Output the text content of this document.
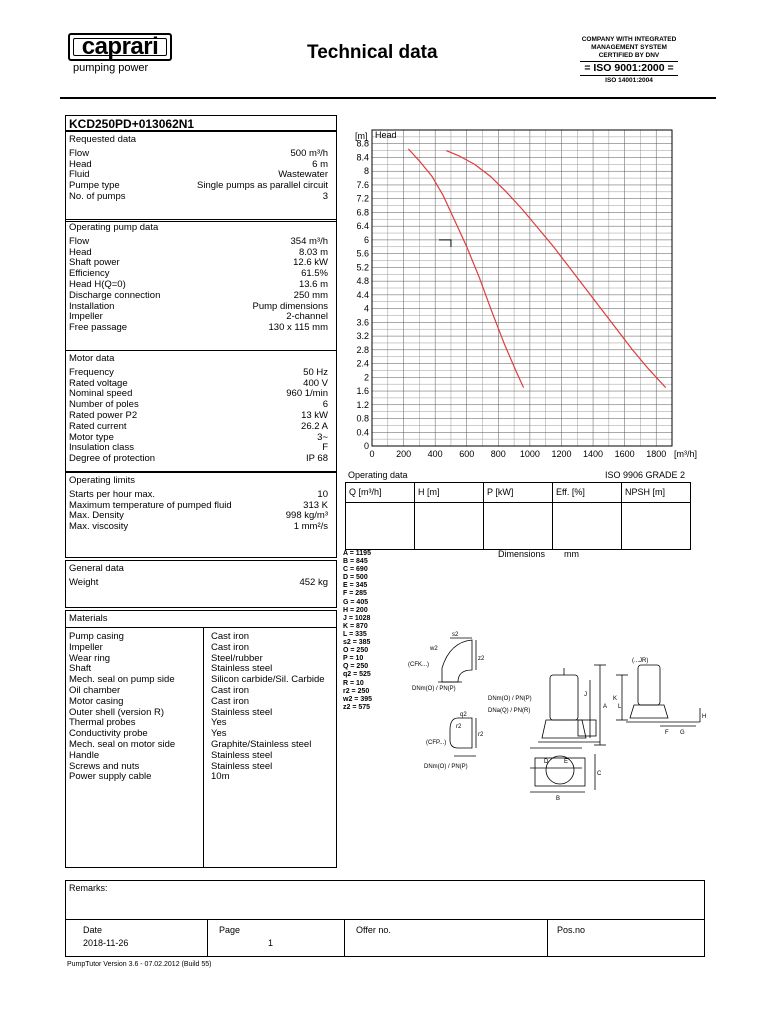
caprari
pumping power
Technical data
COMPANY WITH INTEGRATED
MANAGEMENT SYSTEM CERTIFIED BY DNV
= ISO 9001:2000 =
ISO 14001:2004
KCD250PD+013062N1
Requested data
Flow	500 m³/h
Head	6 m
Fluid	Wastewater
Pumpe type	Single pumps as parallel circuit
No. of pumps	3
Operating pump data
Flow	354 m³/h
Head	8.03 m
Shaft power	12.6 kW
Efficiency	61.5%
Head H(Q=0)	13.6 m
Discharge connection	250 mm
Installation	Pump dimensions
Impeller	2-channel
Free passage	130 x 115 mm
Motor data
Frequency	50 Hz
Rated voltage	400 V
Nominal speed	960 1/min
Number of poles	6
Rated power P2	13 kW
Rated current	26.2 A
Motor type	3~
Insulation class	F
Degree of protection	IP 68
Operating limits
Starts per hour max.	10
Maximum temperature of pumped fluid	313 K
Max. Density	998 kg/m³
Max. viscosity	1 mm²/s
General data
Weight	452 kg
Materials
Pump casing	Cast iron
Impeller	Cast iron
Wear ring	Steel/rubber
Shaft	Stainless steel
Mech. seal on pump side	Silicon carbide/Sil. Carbide
Oil chamber	Cast iron
Motor casing	Cast iron
Outer shell (version R)	Stainless steel
Thermal probes	Yes
Conductivity probe	Yes
Mech. seal on motor side	Graphite/Stainless steel
Handle	Stainless steel
Screws and nuts	Stainless steel
Power supply cable	10m
0
0.4
0.8
1.2
1.6
2
2.4
2.8
3.2
3.6
4
4.4
4.8
5.2
5.6
6
6.4
6.8
7.2
7.6
8
8.4
8.8
0 200 400 600 800 1000 1200 1400 1600 1800
[m]
[m³/h]
Head
Operating data	ISO 9906 GRADE 2
Q [m³/h]	H [m]	P [kW]	Eff. [%]	NPSH [m]
Dimensions mm
A = 1195
B = 845
C = 690
D = 500
E = 345
F = 285
G = 405
H = 200
J = 1028
K = 870
L = 335
s2 = 385
O = 250
P = 10
Q = 250
q2 = 525
R = 10
r2 = 250
w2 = 395
z2 = 575
(CFK...)
DNm(O) / PN(P)
w2
s2
z2
q2
r2
r2
(CFP...)
DNm(O) / PN(P)
DNm(O) / PN(P)
DNa(Q) / PN(R)
(...JR)
A
J
K
L
D	E
F G
H
B
C
Remarks:
Date
2018-11-26
Page
1
Offer no.	Pos.no
PumpTutor Version 3.6 - 07.02.2012 (Build 55)
